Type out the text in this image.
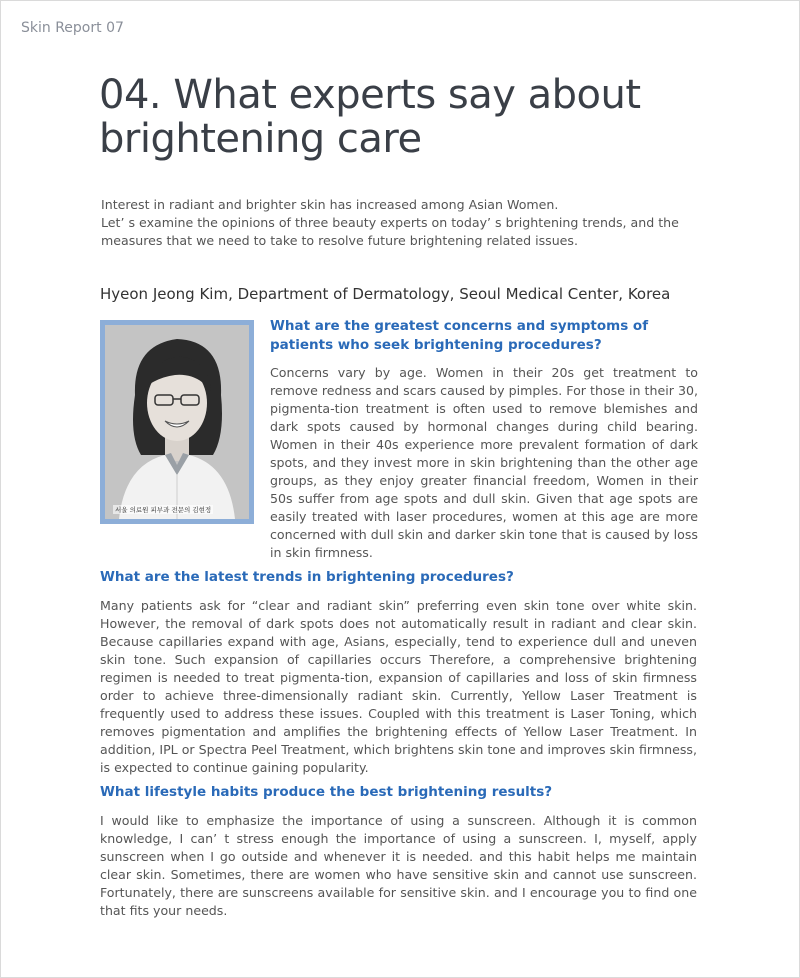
Skin Report 07
04. What experts say about brightening care

Interest in radiant and brighter skin has increased among Asian Women.

Let’ s examine the opinions of three beauty experts on today’ s brightening trends, and the measures that we need to take to resolve future brightening related issues.

Hyeon Jeong Kim, Department of Dermatology, Seoul Medical Center, Korea
서울 의료원 피부과 전문의 김현정
What are the greatest concerns and symptoms of patients who seek brightening procedures?

Concerns vary by age. Women in their 20s get treatment to remove redness and scars caused by pimples. For those in their 30, pigmenta-tion treatment is often used to remove blemishes and dark spots caused by hormonal changes during child bearing. Women in their 40s experience more prevalent formation of dark spots, and they invest more in skin brightening than the other age groups, as they enjoy greater financial freedom, Women in their 50s suffer from age spots and dull skin. Given that age spots are easily treated with laser procedures, women at this age are more concerned with dull skin and darker skin tone that is caused by loss in skin firmness.

What are the latest trends in brightening procedures?

Many patients ask for “clear and radiant skin” preferring even skin tone over white skin. However, the removal of dark spots does not automatically result in radiant and clear skin. Because capillaries expand with age, Asians, especially, tend to experience dull and uneven skin tone. Such expansion of capillaries occurs Therefore, a comprehensive brightening regimen is needed to treat pigmenta-tion, expansion of capillaries and loss of skin firmness order to achieve three-dimensionally radiant skin. Currently, Yellow Laser Treatment is frequently used to address these issues. Coupled with this treatment is Laser Toning, which removes pigmentation and amplifies the brightening effects of Yellow Laser Treatment. In addition, IPL or Spectra Peel Treatment, which brightens skin tone and improves skin firmness, is expected to continue gaining popularity.

What lifestyle habits produce the best brightening results?

I would like to emphasize the importance of using a sunscreen. Although it is common knowledge, I can’ t stress enough the importance of using a sunscreen. I, myself, apply sunscreen when I go outside and whenever it is needed. and this habit helps me maintain clear skin. Sometimes, there are women who have sensitive skin and cannot use sunscreen. Fortunately, there are sunscreens available for sensitive skin. and I encourage you to find one that fits your needs.
